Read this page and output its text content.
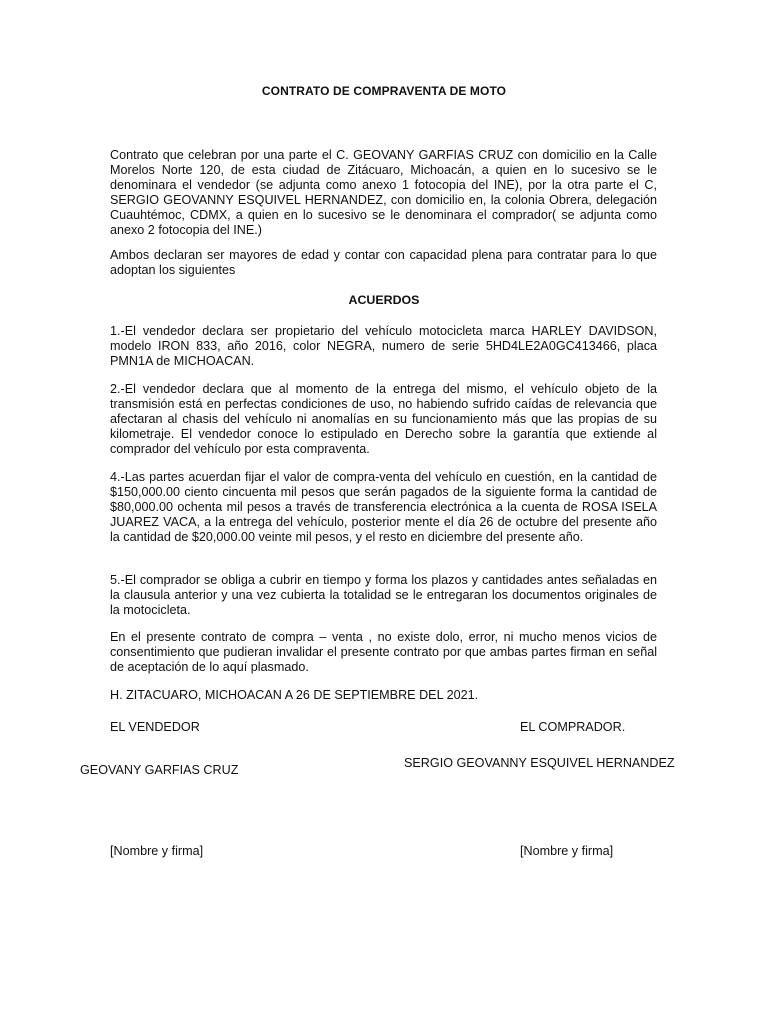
CONTRATO DE COMPRAVENTA DE MOTO

Contrato que celebran por una parte el C. GEOVANY GARFIAS CRUZ con domicilio en la Calle Morelos Norte 120, de esta ciudad de Zitácuaro, Michoacán, a quien en lo sucesivo se le denominara el vendedor (se adjunta como anexo 1 fotocopia del INE), por la otra parte el C, SERGIO GEOVANNY ESQUIVEL HERNANDEZ, con domicilio en, la colonia Obrera, delegación Cuauhtémoc, CDMX, a quien en lo sucesivo se le denominara el comprador( se adjunta como anexo 2 fotocopia del INE.)

Ambos declaran ser mayores de edad y contar con capacidad plena para contratar para lo que adoptan los siguientes

ACUERDOS

1.-El vendedor declara ser propietario del vehículo motocicleta marca HARLEY DAVIDSON, modelo IRON 833, año 2016, color NEGRA, numero de serie 5HD4LE2A0GC413466, placa PMN1A de MICHOACAN.

2.-El vendedor declara que al momento de la entrega del mismo, el vehículo objeto de la transmisión está en perfectas condiciones de uso, no habiendo sufrido caídas de relevancia que afectaran al chasis del vehículo ni anomalías en su funcionamiento más que las propias de su kilometraje. El vendedor conoce lo estipulado en Derecho sobre la garantía que extiende al comprador del vehículo por esta compraventa.

4.-Las partes acuerdan fijar el valor de compra-venta del vehículo en cuestión, en la cantidad de $150,000.00 ciento cincuenta mil pesos que serán pagados de la siguiente forma la cantidad de $80,000.00 ochenta mil pesos a través de transferencia electrónica a la cuenta de ROSA ISELA JUAREZ VACA, a la entrega del vehículo, posterior mente el día 26 de octubre del presente año la cantidad de $20,000.00 veinte mil pesos, y el resto en diciembre del presente año.

5.-El comprador se obliga a cubrir en tiempo y forma los plazos y cantidades antes señaladas en la clausula anterior y una vez cubierta la totalidad se le entregaran los documentos originales de la motocicleta.

En el presente contrato de compra – venta , no existe dolo, error, ni mucho menos vicios de consentimiento que pudieran invalidar el presente contrato por que ambas partes firman en señal de aceptación de lo aquí plasmado.

H. ZITACUARO, MICHOACAN A 26 DE SEPTIEMBRE DEL 2021.
EL VENDEDOR	EL COMPRADOR.
GEOVANY GARFIAS CRUZ	SERGIO GEOVANNY ESQUIVEL HERNANDEZ
[Nombre y firma]	[Nombre y firma]
